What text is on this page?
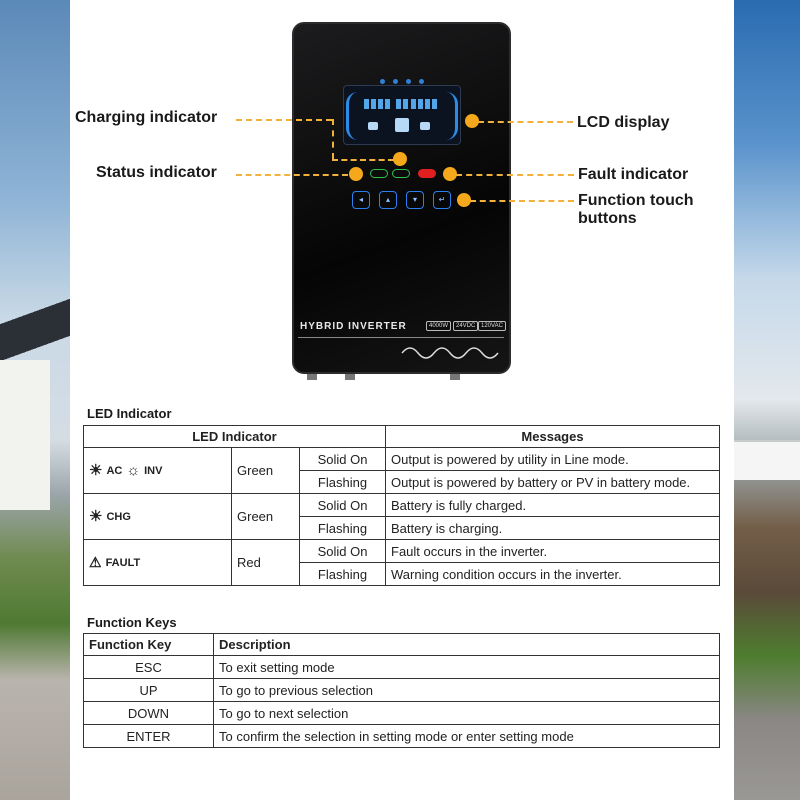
◂	▴	▾	↵
HYBRID INVERTER	4000W	24VDC 120VAC
Charging indicator
Status indicator
LCD display
Fault indicator
Function touch
buttons
LED Indicator
LED Indicator			Messages

☀ AC ☼ INV	Green	Solid On	Output is powered by utility in Line mode.
		Flashing	Output is powered by battery or PV in battery mode.

☀ CHG	Green	Solid On	Battery is fully charged.
		Flashing	Battery is charging.

⚠ FAULT	Red	Solid On	Fault occurs in the inverter.
		Flashing	Warning condition occurs in the inverter.
Function Keys
Function Key	Description
ESC	To exit setting mode
UP	To go to previous selection
DOWN	To go to next selection
ENTER	To confirm the selection in setting mode or enter setting mode
